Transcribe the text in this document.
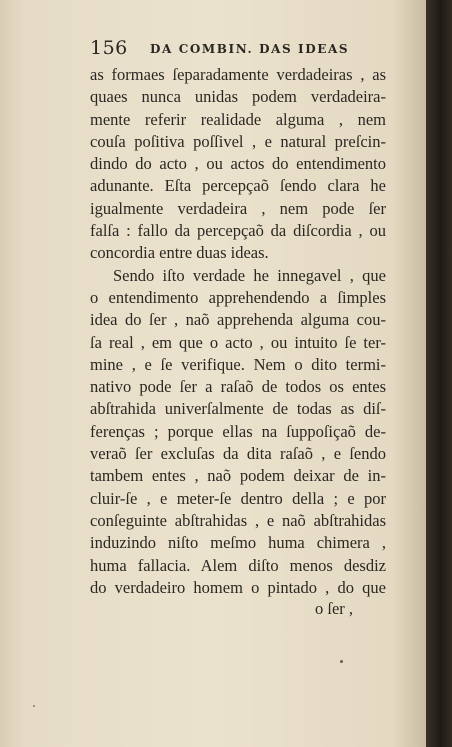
156 DA COMBIN. DAS IDEAS
as formaes ſeparadamente verdadeiras , as
quaes nunca unidas podem verdadeira-
mente referir realidade alguma , nem
couſa poſitiva poſſivel , e natural preſcin-
dindo do acto , ou actos do entendimento
adunante. Eſta percepçaõ ſendo clara he
igualmente verdadeira , nem pode ſer
falſa : fallo da percepçaõ da diſcordia , ou
concordia entre duas ideas.
Sendo iſto verdade he innegavel , que
o entendimento apprehendendo a ſimples
idea do ſer , naõ apprehenda alguma cou-
ſa real , em que o acto , ou intuito ſe ter-
mine , e ſe verifique. Nem o dito termi-
nativo pode ſer a raſaõ de todos os entes
abſtrahida univerſalmente de todas as diſ-
ferenças ; porque ellas na ſuppoſiçaõ de-
veraõ ſer excluſas da dita raſaõ , e ſendo
tambem entes , naõ podem deixar de in-
cluir-ſe , e meter-ſe dentro della ; e por
conſeguinte abſtrahidas , e naõ abſtrahidas
induzindo niſto meſmo huma chimera ,
huma fallacia. Alem diſto menos desdiz
do verdadeiro homem o pintado , do que
o ſer ,
